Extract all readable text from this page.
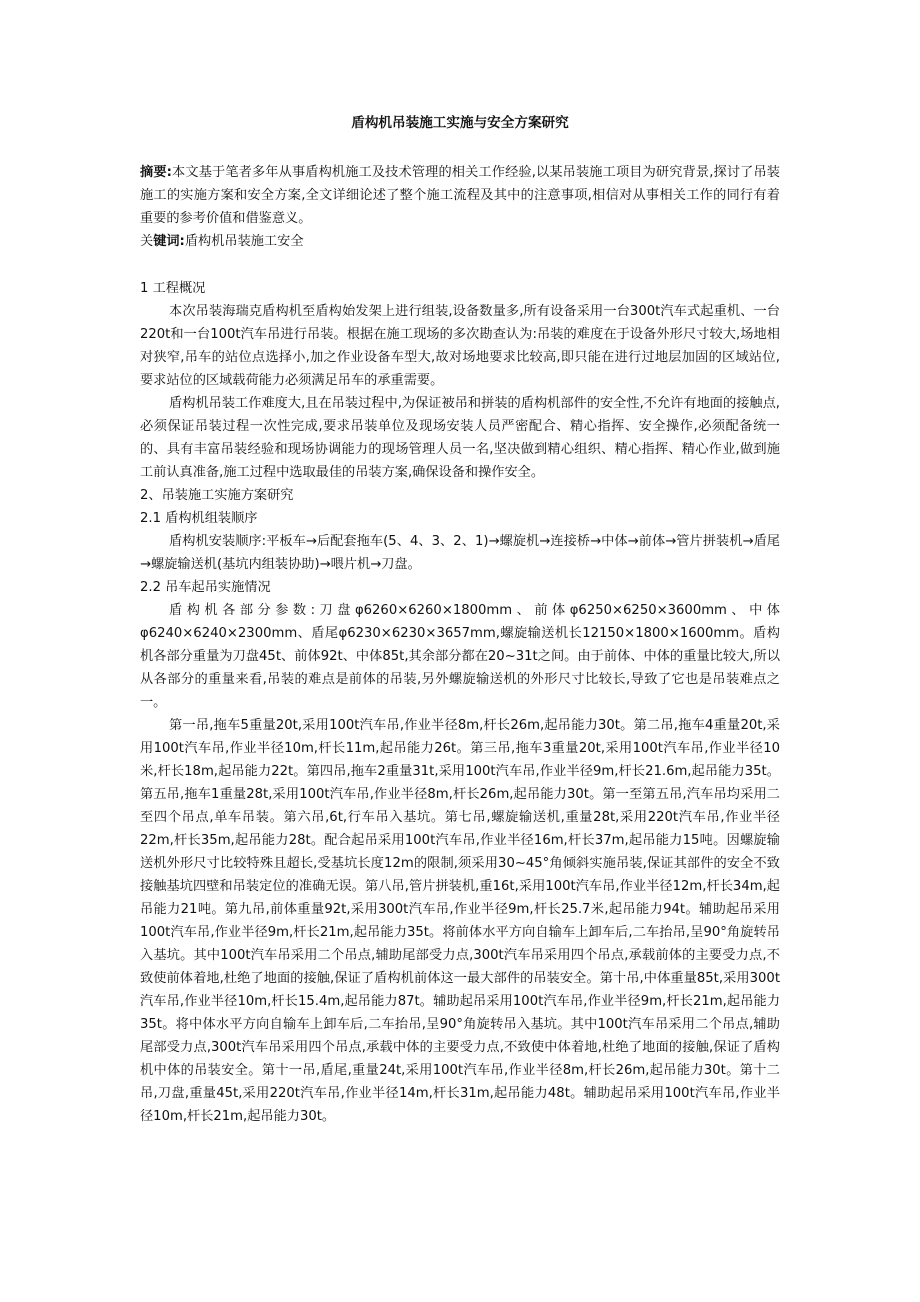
盾构机吊装施工实施与安全方案研究

摘要:本文基于笔者多年从事盾构机施工及技术管理的相关工作经验,以某吊装施工项目为研究背景,探讨了吊装施工的实施方案和安全方案,全文详细论述了整个施工流程及其中的注意事项,相信对从事相关工作的同行有着重要的参考价值和借鉴意义。

关键词:盾构机吊装施工安全

1 工程概况

本次吊装海瑞克盾构机至盾构始发架上进行组装,设备数量多,所有设备采用一台300t汽车式起重机、一台220t和一台100t汽车吊进行吊装。根据在施工现场的多次勘查认为:吊装的难度在于设备外形尺寸较大,场地相对狭窄,吊车的站位点选择小,加之作业设备车型大,故对场地要求比较高,即只能在进行过地层加固的区域站位,要求站位的区域载荷能力必须满足吊车的承重需要。

盾构机吊装工作难度大,且在吊装过程中,为保证被吊和拼装的盾构机部件的安全性,不允许有地面的接触点,必须保证吊装过程一次性完成,要求吊装单位及现场安装人员严密配合、精心指挥、安全操作,必须配备统一的、具有丰富吊装经验和现场协调能力的现场管理人员一名,坚决做到精心组织、精心指挥、精心作业,做到施工前认真准备,施工过程中选取最佳的吊装方案,确保设备和操作安全。

2、吊装施工实施方案研究

2.1 盾构机组装顺序

盾构机安装顺序:平板车→后配套拖车(5、4、3、2、1)→螺旋机→连接桥→中体→前体→管片拼装机→盾尾→螺旋输送机(基坑内组装协助)→喂片机→刀盘。

2.2 吊车起吊实施情况

盾构机各部分参数:刀盘φ6260×6260×1800mm、前体φ6250×6250×3600mm、中体φ6240×6240×2300mm、盾尾φ6230×6230×3657mm,螺旋输送机长12150×1800×1600mm。盾构机各部分重量为刀盘45t、前体92t、中体85t,其余部分都在20~31t之间。由于前体、中体的重量比较大,所以从各部分的重量来看,吊装的难点是前体的吊装,另外螺旋输送机的外形尺寸比较长,导致了它也是吊装难点之一。

第一吊,拖车5重量20t,采用100t汽车吊,作业半径8m,杆长26m,起吊能力30t。第二吊,拖车4重量20t,采用100t汽车吊,作业半径10m,杆长11m,起吊能力26t。第三吊,拖车3重量20t,采用100t汽车吊,作业半径10米,杆长18m,起吊能力22t。第四吊,拖车2重量31t,采用100t汽车吊,作业半径9m,杆长21.6m,起吊能力35t。第五吊,拖车1重量28t,采用100t汽车吊,作业半径8m,杆长26m,起吊能力30t。第一至第五吊,汽车吊均采用二至四个吊点,单车吊装。第六吊,6t,行车吊入基坑。第七吊,螺旋输送机,重量28t,采用220t汽车吊,作业半径22m,杆长35m,起吊能力28t。配合起吊采用100t汽车吊,作业半径16m,杆长37m,起吊能力15吨。因螺旋输送机外形尺寸比较特殊且超长,受基坑长度12m的限制,须采用30~45°角倾斜实施吊装,保证其部件的安全不致接触基坑四壁和吊装定位的准确无误。第八吊,管片拼装机,重16t,采用100t汽车吊,作业半径12m,杆长34m,起吊能力21吨。第九吊,前体重量92t,采用300t汽车吊,作业半径9m,杆长25.7米,起吊能力94t。辅助起吊采用100t汽车吊,作业半径9m,杆长21m,起吊能力35t。将前体水平方向自输车上卸车后,二车抬吊,呈90°角旋转吊入基坑。其中100t汽车吊采用二个吊点,辅助尾部受力点,300t汽车吊采用四个吊点,承载前体的主要受力点,不致使前体着地,杜绝了地面的接触,保证了盾构机前体这一最大部件的吊装安全。第十吊,中体重量85t,采用300t汽车吊,作业半径10m,杆长15.4m,起吊能力87t。辅助起吊采用100t汽车吊,作业半径9m,杆长21m,起吊能力35t。将中体水平方向自输车上卸车后,二车抬吊,呈90°角旋转吊入基坑。其中100t汽车吊采用二个吊点,辅助尾部受力点,300t汽车吊采用四个吊点,承载中体的主要受力点,不致使中体着地,杜绝了地面的接触,保证了盾构机中体的吊装安全。第十一吊,盾尾,重量24t,采用100t汽车吊,作业半径8m,杆长26m,起吊能力30t。第十二吊,刀盘,重量45t,采用220t汽车吊,作业半径14m,杆长31m,起吊能力48t。辅助起吊采用100t汽车吊,作业半径10m,杆长21m,起吊能力30t。
